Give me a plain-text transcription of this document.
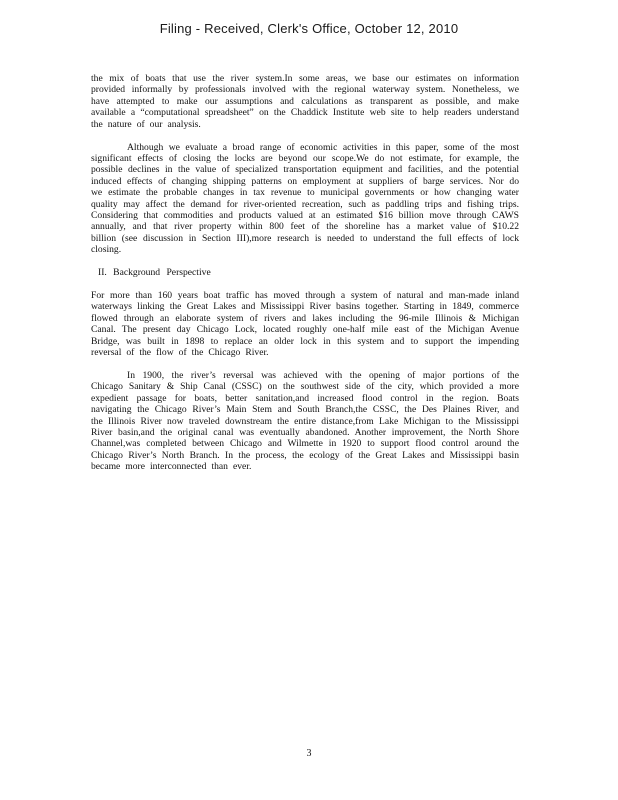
Filing - Received, Clerk's Office, October 12, 2010

the mix of boats that use the river system.In some areas, we base our estimates on information provided informally by professionals involved with the regional waterway system. Nonetheless, we have attempted to make our assumptions and calculations as transparent as possible, and make available a “computational spreadsheet” on the Chaddick Institute web site to help readers understand the nature of our analysis.

Although we evaluate a broad range of economic activities in this paper, some of the most significant effects of closing the locks are beyond our scope.We do not estimate, for example, the possible declines in the value of specialized transportation equipment and facilities, and the potential induced effects of changing shipping patterns on employment at suppliers of barge services. Nor do we estimate the probable changes in tax revenue to municipal governments or how changing water quality may affect the demand for river-oriented recreation, such as paddling trips and fishing trips. Considering that commodities and products valued at an estimated $16 billion move through CAWS annually, and that river property within 800 feet of the shoreline has a market value of $10.22 billion (see discussion in Section III),more research is needed to understand the full effects of lock closing.

II. Background Perspective

For more than 160 years boat traffic has moved through a system of natural and man-made inland waterways linking the Great Lakes and Mississippi River basins together. Starting in 1849, commerce flowed through an elaborate system of rivers and lakes including the 96-mile Illinois & Michigan Canal. The present day Chicago Lock, located roughly one-half mile east of the Michigan Avenue Bridge, was built in 1898 to replace an older lock in this system and to support the impending reversal of the flow of the Chicago River.

In 1900, the river’s reversal was achieved with the opening of major portions of the Chicago Sanitary & Ship Canal (CSSC) on the southwest side of the city, which provided a more expedient passage for boats, better sanitation,and increased flood control in the region. Boats navigating the Chicago River’s Main Stem and South Branch,the CSSC, the Des Plaines River, and the Illinois River now traveled downstream the entire distance,from Lake Michigan to the Mississippi River basin,and the original canal was eventually abandoned. Another improvement, the North Shore Channel,was completed between Chicago and Wilmette in 1920 to support flood control around the Chicago River’s North Branch. In the process, the ecology of the Great Lakes and Mississippi basin became more interconnected than ever.

3
